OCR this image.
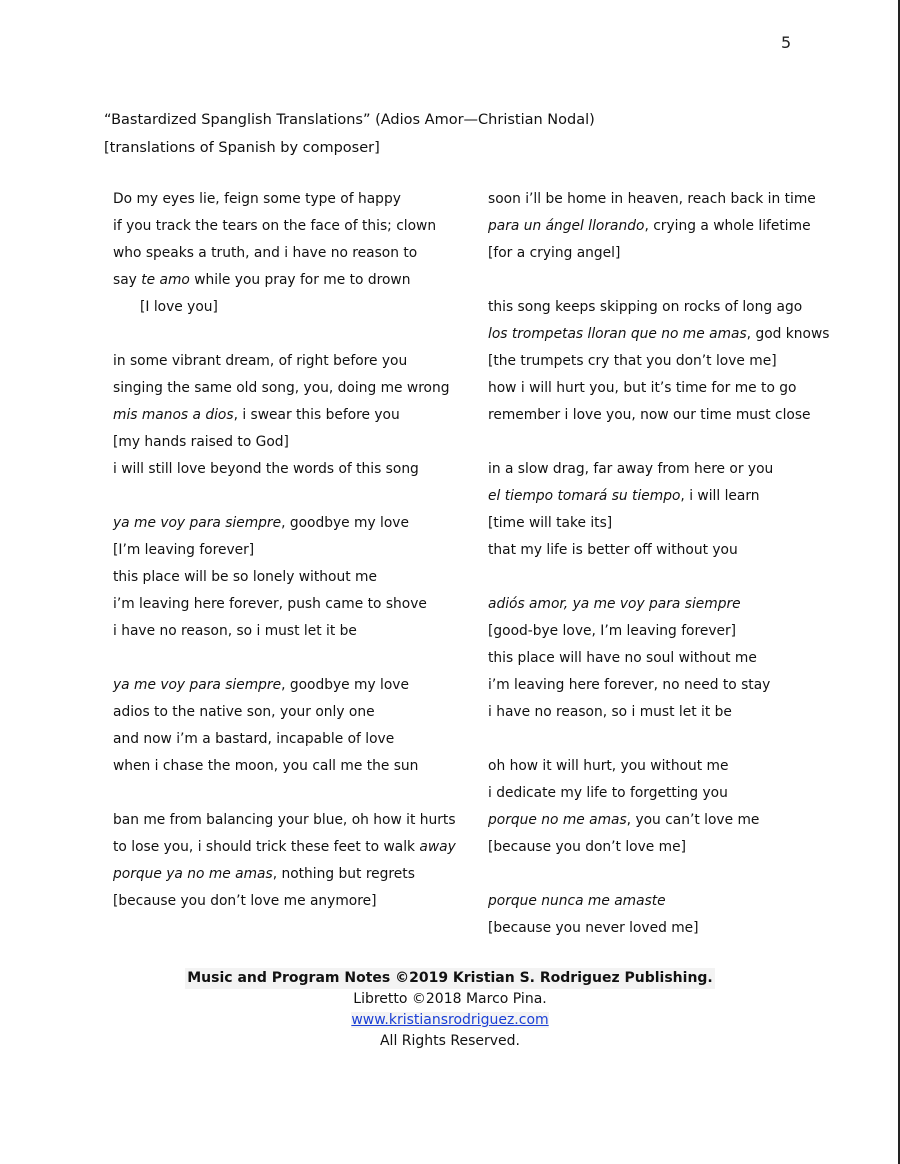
5
“Bastardized Spanglish Translations” (Adios Amor—Christian Nodal)
[translations of Spanish by composer]
Do my eyes lie, feign some type of happy
if you track the tears on the face of this; clown
who speaks a truth, and i have no reason to
say te amo while you pray for me to drown
[I love you]
in some vibrant dream, of right before you
singing the same old song, you, doing me wrong
mis manos a dios, i swear this before you
[my hands raised to God]
i will still love beyond the words of this song
ya me voy para siempre, goodbye my love
[I’m leaving forever]
this place will be so lonely without me
i’m leaving here forever, push came to shove
i have no reason, so i must let it be
ya me voy para siempre, goodbye my love
adios to the native son, your only one
and now i’m a bastard, incapable of love
when i chase the moon, you call me the sun
ban me from balancing your blue, oh how it hurts
to lose you, i should trick these feet to walk away
porque ya no me amas, nothing but regrets
[because you don’t love me anymore]
soon i’ll be home in heaven, reach back in time
para un ángel llorando, crying a whole lifetime
[for a crying angel]
this song keeps skipping on rocks of long ago
los trompetas lloran que no me amas, god knows
[the trumpets cry that you don’t love me]
how i will hurt you, but it’s time for me to go
remember i love you, now our time must close
in a slow drag, far away from here or you
el tiempo tomará su tiempo, i will learn
[time will take its]
that my life is better off without you
adiós amor, ya me voy para siempre
[good-bye love, I’m leaving forever]
this place will have no soul without me
i’m leaving here forever, no need to stay
i have no reason, so i must let it be
oh how it will hurt, you without me
i dedicate my life to forgetting you
porque no me amas, you can’t love me
[because you don’t love me]
porque nunca me amaste
[because you never loved me]
Music and Program Notes ©2019 Kristian S. Rodriguez Publishing.
Libretto ©2018 Marco Pina.
www.kristiansrodriguez.com
All Rights Reserved.
